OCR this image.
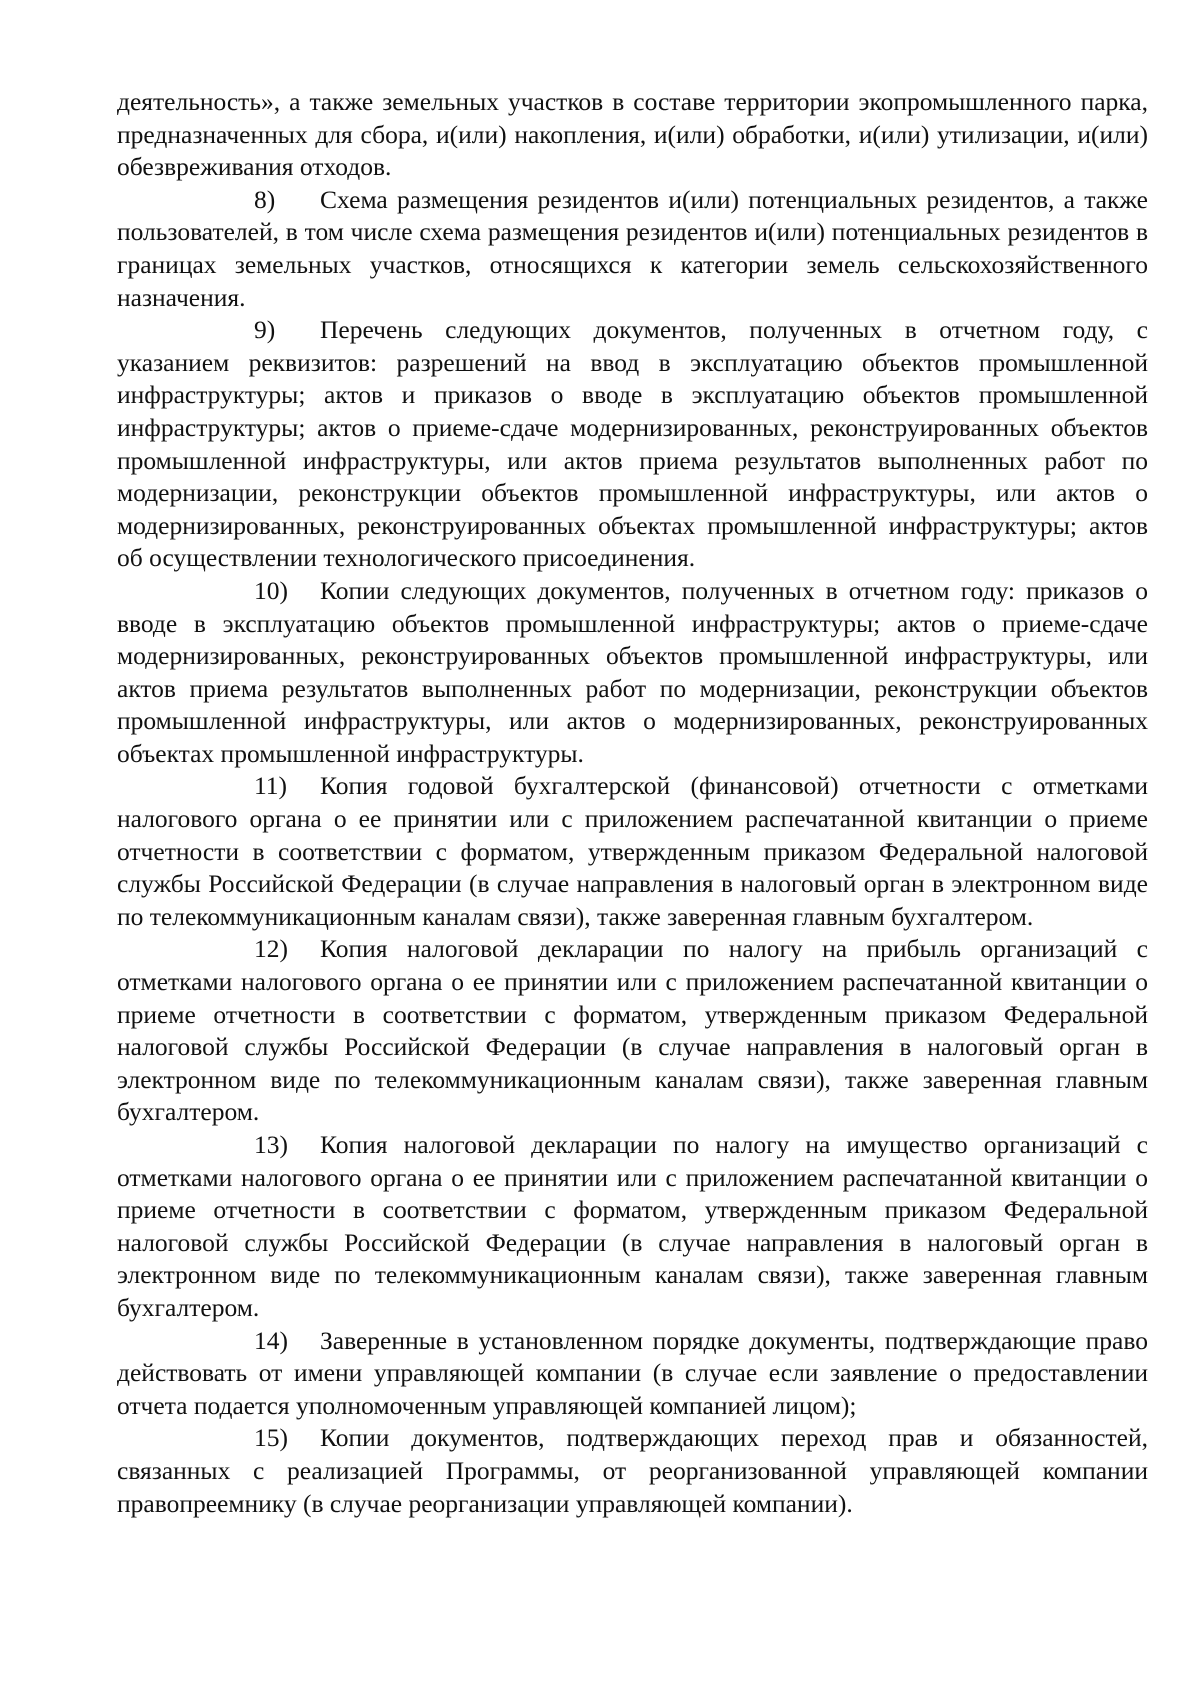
деятельность», а также земельных участков в составе территории экопромышленного парка, предназначенных для сбора, и(или) накопления, и(или) обработки, и(или) утилизации, и(или) обезвреживания отходов.

8) Схема размещения резидентов и(или) потенциальных резидентов, а также пользователей, в том числе схема размещения резидентов и(или) потенциальных резидентов в границах земельных участков, относящихся к категории земель сельскохозяйственного назначения.

9) Перечень следующих документов, полученных в отчетном году, с указанием реквизитов: разрешений на ввод в эксплуатацию объектов промышленной инфраструктуры; актов и приказов о вводе в эксплуатацию объектов промышленной инфраструктуры; актов о приеме-сдаче модернизированных, реконструированных объектов промышленной инфраструктуры, или актов приема результатов выполненных работ по модернизации, реконструкции объектов промышленной инфраструктуры, или актов о модернизированных, реконструированных объектах промышленной инфраструктуры; актов об осуществлении технологического присоединения.

10) Копии следующих документов, полученных в отчетном году: приказов о вводе в эксплуатацию объектов промышленной инфраструктуры; актов о приеме-сдаче модернизированных, реконструированных объектов промышленной инфраструктуры, или актов приема результатов выполненных работ по модернизации, реконструкции объектов промышленной инфраструктуры, или актов о модернизированных, реконструированных объектах промышленной инфраструктуры.

11) Копия годовой бухгалтерской (финансовой) отчетности с отметками налогового органа о ее принятии или с приложением распечатанной квитанции о приеме отчетности в соответствии с форматом, утвержденным приказом Федеральной налоговой службы Российской Федерации (в случае направления в налоговый орган в электронном виде по телекоммуникационным каналам связи), также заверенная главным бухгалтером.

12) Копия налоговой декларации по налогу на прибыль организаций с отметками налогового органа о ее принятии или с приложением распечатанной квитанции о приеме отчетности в соответствии с форматом, утвержденным приказом Федеральной налоговой службы Российской Федерации (в случае направления в налоговый орган в электронном виде по телекоммуникационным каналам связи), также заверенная главным бухгалтером.

13) Копия налоговой декларации по налогу на имущество организаций с отметками налогового органа о ее принятии или с приложением распечатанной квитанции о приеме отчетности в соответствии с форматом, утвержденным приказом Федеральной налоговой службы Российской Федерации (в случае направления в налоговый орган в электронном виде по телекоммуникационным каналам связи), также заверенная главным бухгалтером.

14) Заверенные в установленном порядке документы, подтверждающие право действовать от имени управляющей компании (в случае если заявление о предоставлении отчета подается уполномоченным управляющей компанией лицом);

15) Копии документов, подтверждающих переход прав и обязанностей, связанных с реализацией Программы, от реорганизованной управляющей компании правопреемнику (в случае реорганизации управляющей компании).
